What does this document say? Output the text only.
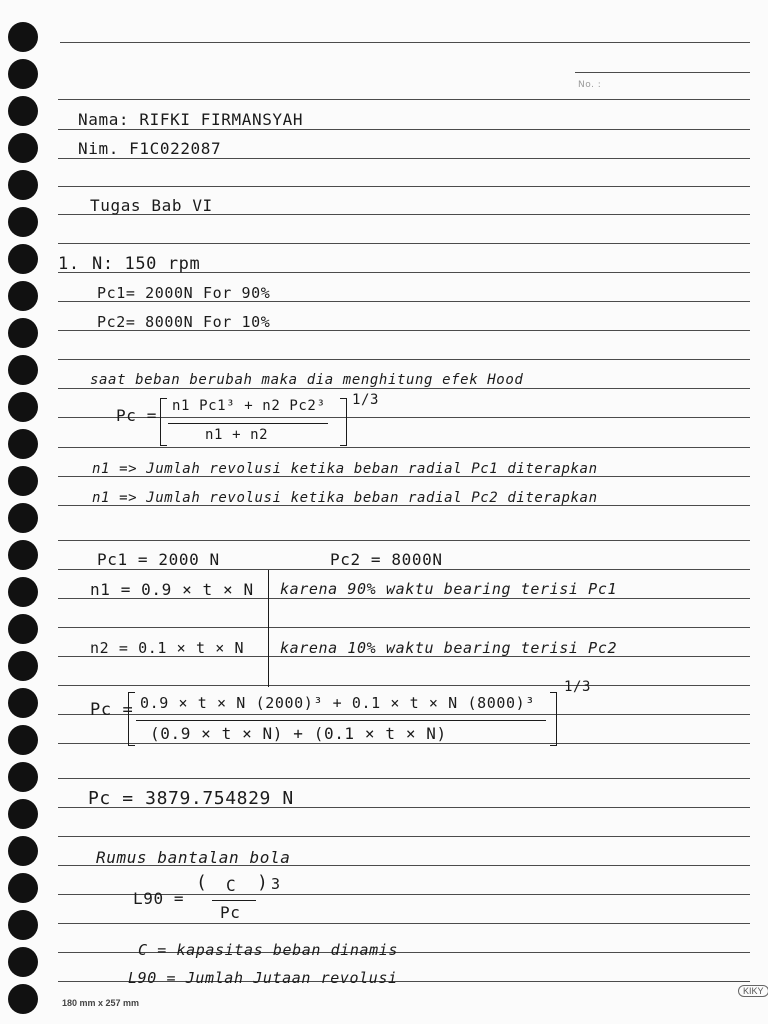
No. :
Nama: RIFKI FIRMANSYAH
Nim. F1C022087
Tugas Bab VI
1. N: 150 rpm
Pc1= 2000N For 90%
Pc2= 8000N For 10%
saat beban berubah maka dia menghitung efek Hood
Pc = n1 Pc1³ + n2 Pc2³
n1 + n2
1/3
n1 => Jumlah revolusi ketika beban radial Pc1 diterapkan
n1 => Jumlah revolusi ketika beban radial Pc2 diterapkan
Pc1 = 2000 N	Pc2 = 8000N
n1 = 0.9 × t × N karena 90% waktu bearing terisi Pc1
n2 = 0.1 × t × N karena 10% waktu bearing terisi Pc2
Pc = 0.9 × t × N (2000)³ + 0.1 × t × N (8000)³
(0.9 × t × N) + (0.1 × t × N)
1/3
Pc = 3879.754829 N
Rumus bantalan bola
L90 =
( C
Pc
) 3
C = kapasitas beban dinamis
L90 = Jumlah Jutaan revolusi
180 mm x 257 mm
KIKY
